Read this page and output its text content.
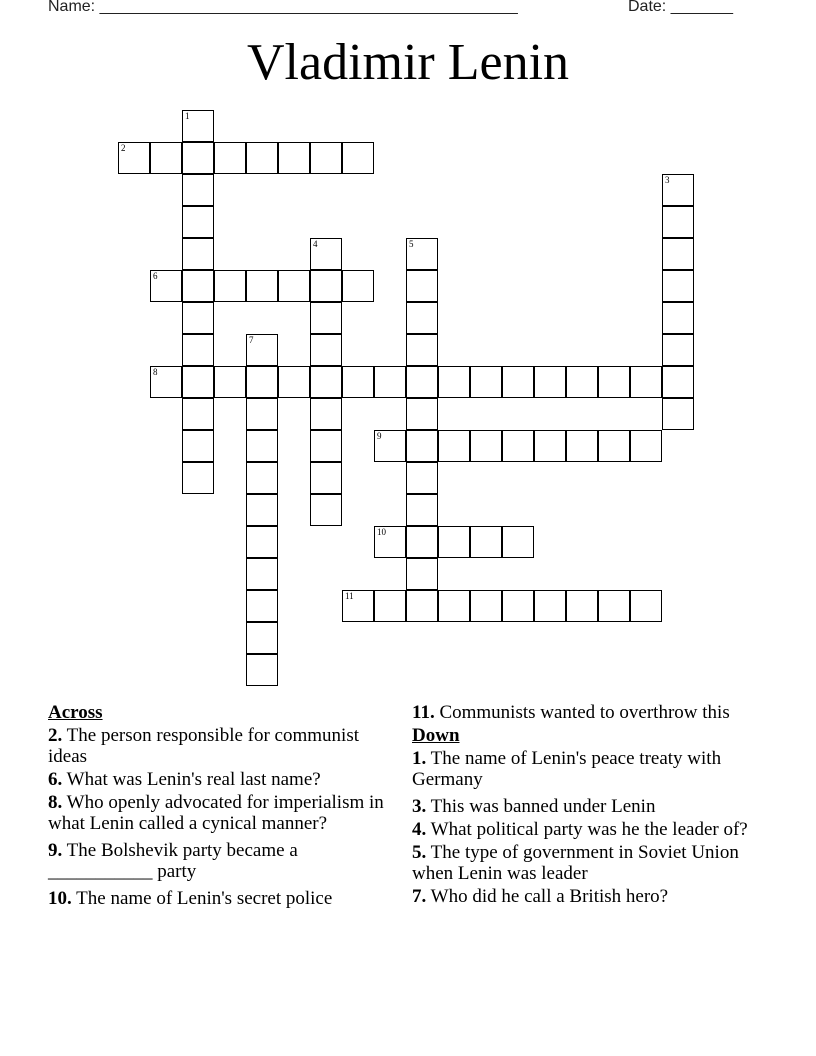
Name: _______________________________________________	Date: _______
Vladimir Lenin
1
2
3
4	5
6
7
8
9
10
11
Across
2. The person responsible for communist ideas
6. What was Lenin's real last name?
8. Who openly advocated for imperialism in what Lenin called a cynical manner?
9. The Bolshevik party became a ___________ party
10. The name of Lenin's secret police
11. Communists wanted to overthrow this
Down
1. The name of Lenin's peace treaty with Germany
3. This was banned under Lenin
4. What political party was he the leader of?
5. The type of government in Soviet Union when Lenin was leader
7. Who did he call a British hero?
